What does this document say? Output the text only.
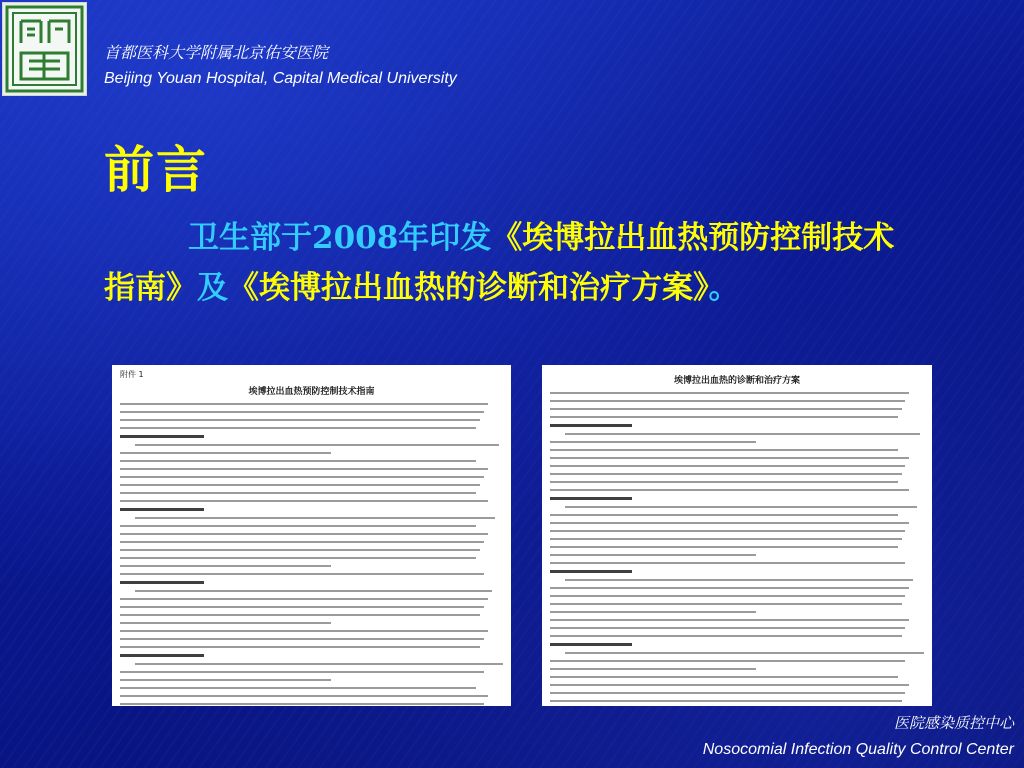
首都医科大学附属北京佑安医院
Beijing Youan Hospital, Capital Medical University
前言
卫生部于2008年印发《埃博拉出血热预防控制技术指南》及《埃博拉出血热的诊断和治疗方案》。
附件 1
埃博拉出血热预防控制技术指南
埃博拉出血热的诊断和治疗方案
医院感染质控中心
Nosocomial Infection Quality Control Center
